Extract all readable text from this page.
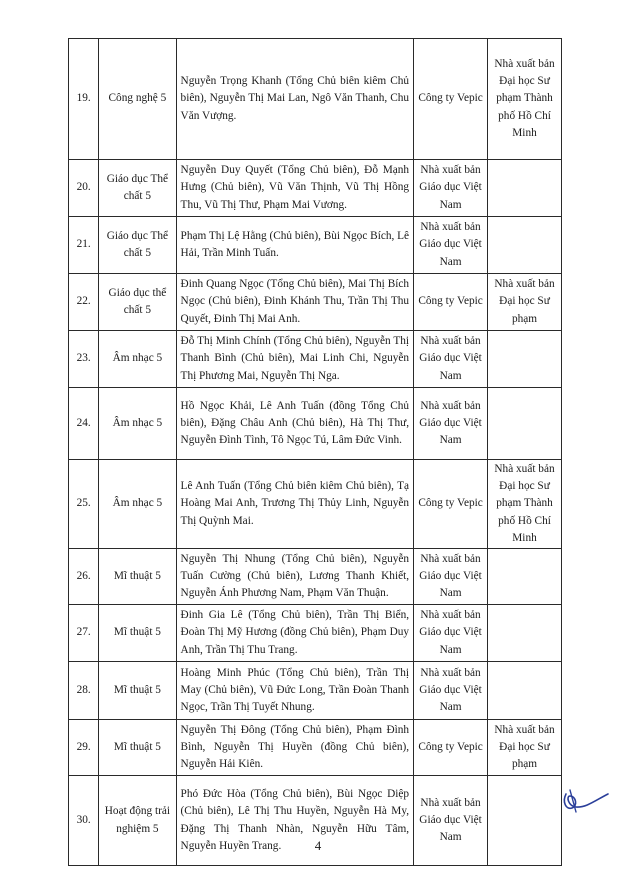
19.	Công nghệ 5	Nguyễn Trọng Khanh (Tổng Chủ biên kiêm Chủ biên), Nguyễn Thị Mai Lan, Ngô Văn Thanh, Chu Văn Vượng.	Công ty Vepic	Nhà xuất bản Đại học Sư phạm Thành phố Hồ Chí Minh
20.	Giáo dục Thể chất 5	Nguyễn Duy Quyết (Tổng Chủ biên), Đỗ Mạnh Hưng (Chủ biên), Vũ Văn Thịnh, Vũ Thị Hồng Thu, Vũ Thị Thư, Phạm Mai Vương.	Nhà xuất bản Giáo dục Việt Nam	
21.	Giáo dục Thể chất 5	Phạm Thị Lệ Hằng (Chủ biên), Bùi Ngọc Bích, Lê Hải, Trần Minh Tuấn.	Nhà xuất bản Giáo dục Việt Nam	
22.	Giáo dục thể chất 5	Đinh Quang Ngọc (Tổng Chủ biên), Mai Thị Bích Ngọc (Chủ biên), Đinh Khánh Thu, Trần Thị Thu Quyết, Đinh Thị Mai Anh.	Công ty Vepic	Nhà xuất bản Đại học Sư phạm
23.	Âm nhạc 5	Đỗ Thị Minh Chính (Tổng Chủ biên), Nguyễn Thị Thanh Bình (Chủ biên), Mai Linh Chi, Nguyễn Thị Phương Mai, Nguyễn Thị Nga.	Nhà xuất bản Giáo dục Việt Nam	
24.	Âm nhạc 5	Hồ Ngọc Khải, Lê Anh Tuấn (đồng Tổng Chủ biên), Đặng Châu Anh (Chủ biên), Hà Thị Thư, Nguyễn Đình Tình, Tô Ngọc Tú, Lâm Đức Vinh.	Nhà xuất bản Giáo dục Việt Nam	
25.	Âm nhạc 5	Lê Anh Tuấn (Tổng Chủ biên kiêm Chủ biên), Tạ Hoàng Mai Anh, Trương Thị Thủy Linh, Nguyễn Thị Quỳnh Mai.	Công ty Vepic	Nhà xuất bản Đại học Sư phạm Thành phố Hồ Chí Minh
26.	Mĩ thuật 5	Nguyễn Thị Nhung (Tổng Chủ biên), Nguyễn Tuấn Cường (Chủ biên), Lương Thanh Khiết, Nguyễn Ánh Phương Nam, Phạm Văn Thuận.	Nhà xuất bản Giáo dục Việt Nam	
27.	Mĩ thuật 5	Đinh Gia Lê (Tổng Chủ biên), Trần Thị Biển, Đoàn Thị Mỹ Hương (đồng Chủ biên), Phạm Duy Anh, Trần Thị Thu Trang.	Nhà xuất bản Giáo dục Việt Nam	
28.	Mĩ thuật 5	Hoàng Minh Phúc (Tổng Chủ biên), Trần Thị May (Chủ biên), Vũ Đức Long, Trần Đoàn Thanh Ngọc, Trần Thị Tuyết Nhung.	Nhà xuất bản Giáo dục Việt Nam	
29.	Mĩ thuật 5	Nguyễn Thị Đông (Tổng Chủ biên), Phạm Đình Bình, Nguyễn Thị Huyền (đồng Chủ biên), Nguyễn Hải Kiên.	Công ty Vepic	Nhà xuất bản Đại học Sư phạm
30.	Hoạt động trải nghiệm 5	Phó Đức Hòa (Tổng Chủ biên), Bùi Ngọc Diệp (Chủ biên), Lê Thị Thu Huyền, Nguyễn Hà My, Đặng Thị Thanh Nhàn, Nguyễn Hữu Tâm, Nguyễn Huyền Trang.	Nhà xuất bản Giáo dục Việt Nam	
4
